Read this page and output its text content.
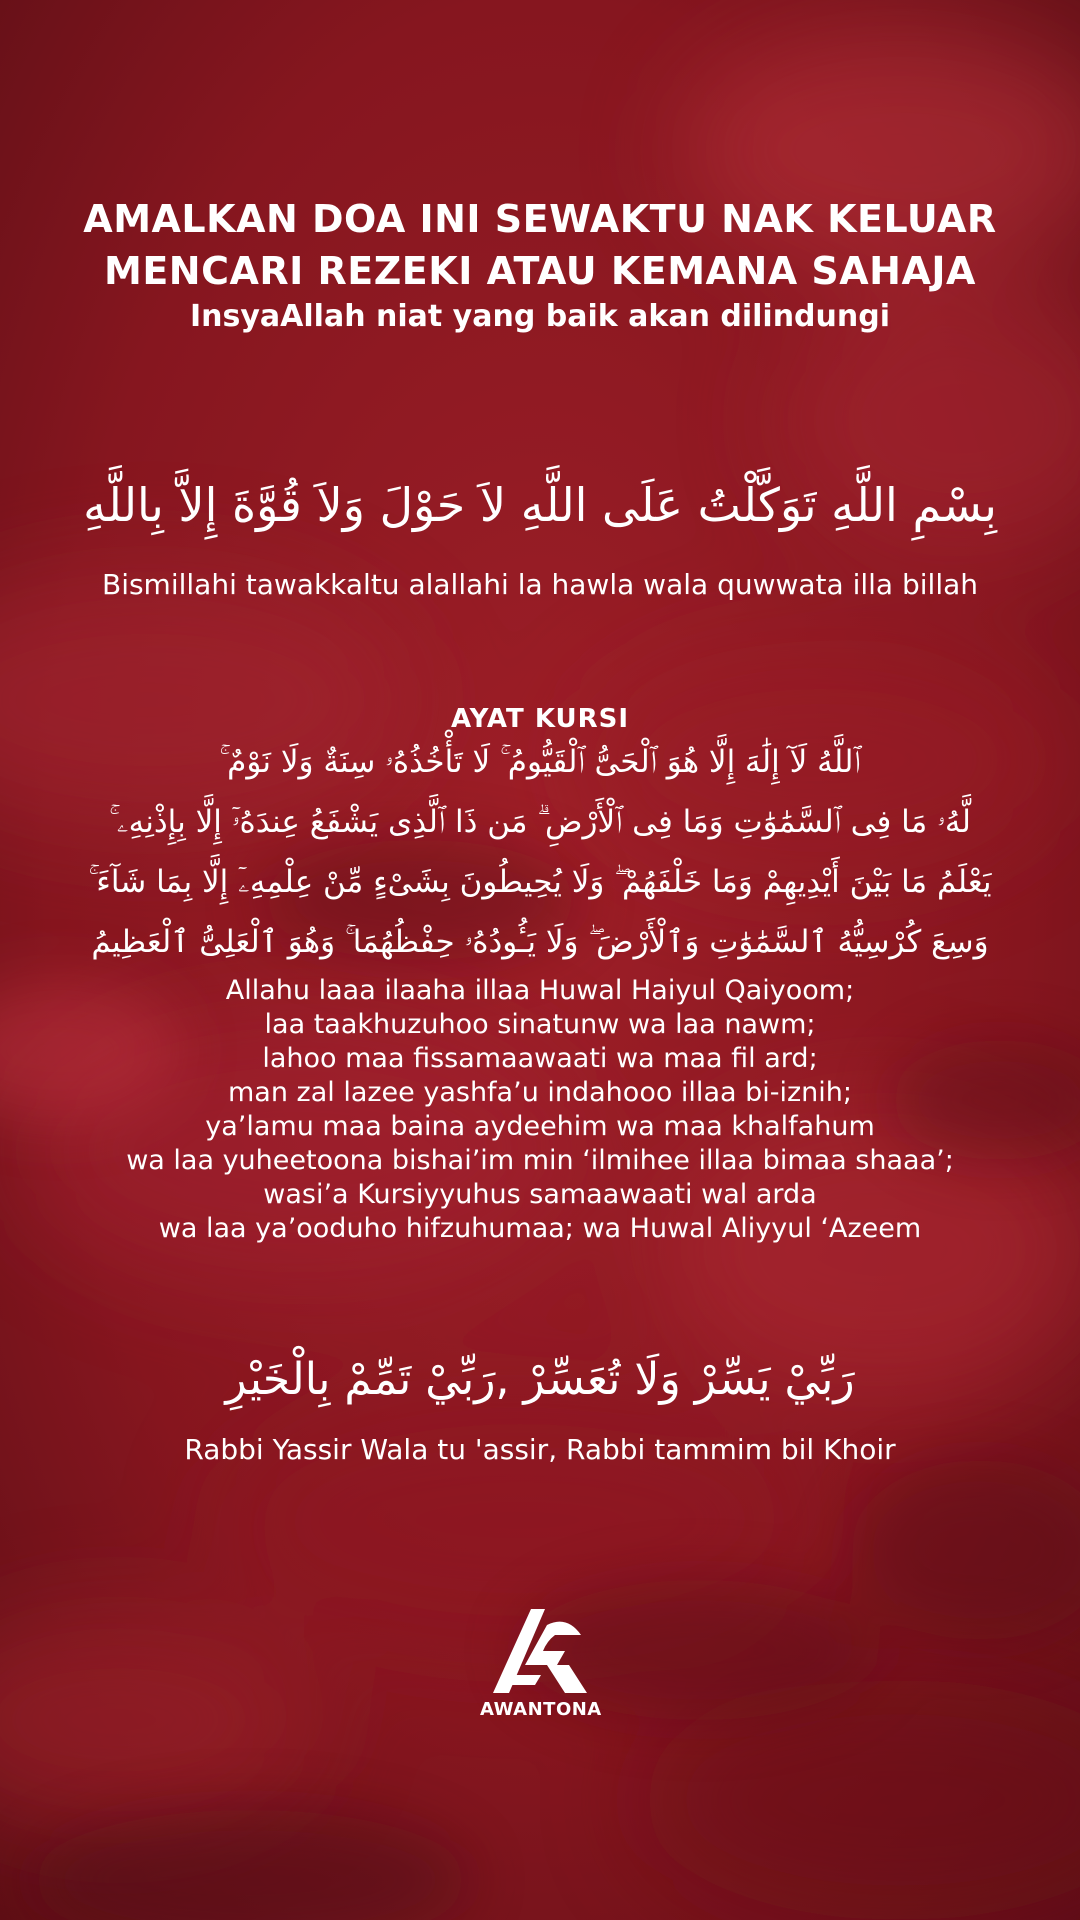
AMALKAN DOA INI SEWAKTU NAK KELUAR

MENCARI REZEKI ATAU KEMANA SAHAJA

InsyaAllah niat yang baik akan dilindungi

بِسْمِ اللَّهِ تَوَكَّلْتُ عَلَى اللَّهِ لاَ حَوْلَ وَلاَ قُوَّةَ إِلاَّ بِاللَّهِ
Bismillahi tawakkaltu alallahi la hawla wala quwwata illa billah
AYAT KURSI

ٱللَّهُ لَآ إِلَٰهَ إِلَّا هُوَ ٱلْحَىُّ ٱلْقَيُّومُ ۚ لَا تَأْخُذُهُۥ سِنَةٌ وَلَا نَوْمٌ ۚ

لَّهُۥ مَا فِى ٱلسَّمَٰوَٰتِ وَمَا فِى ٱلْأَرْضِ ۗ مَن ذَا ٱلَّذِى يَشْفَعُ عِندَهُۥٓ إِلَّا بِإِذْنِهِۦ ۚ

يَعْلَمُ مَا بَيْنَ أَيْدِيهِمْ وَمَا خَلْفَهُمْ ۖ وَلَا يُحِيطُونَ بِشَىْءٍ مِّنْ عِلْمِهِۦٓ إِلَّا بِمَا شَآءَ ۚ

وَسِعَ كُرْسِيُّهُ ٱلسَّمَٰوَٰتِ وَٱلْأَرْضَ ۖ وَلَا يَـُٔودُهُۥ حِفْظُهُمَا ۚ وَهُوَ ٱلْعَلِىُّ ٱلْعَظِيمُ

Allahu laaa ilaaha illaa Huwal Haiyul Qaiyoom;

laa taakhuzuhoo sinatunw wa laa nawm;

lahoo maa fissamaawaati wa maa fil ard;

man zal lazee yashfa’u indahooo illaa bi-iznih;

ya’lamu maa baina aydeehim wa maa khalfahum

wa laa yuheetoona bishai’im min ‘ilmihee illaa bimaa shaaa’;

wasi’a Kursiyyuhus samaawaati wal arda

wa laa ya’ooduho hifzuhumaa; wa Huwal Aliyyul ‘Azeem

رَبِّيْ يَسِّرْ وَلَا تُعَسِّرْ ,رَبِّيْ تَمِّمْ بِالْخَيْرِ
Rabbi Yassir Wala tu 'assir, Rabbi tammim bil Khoir
AWANTONA
